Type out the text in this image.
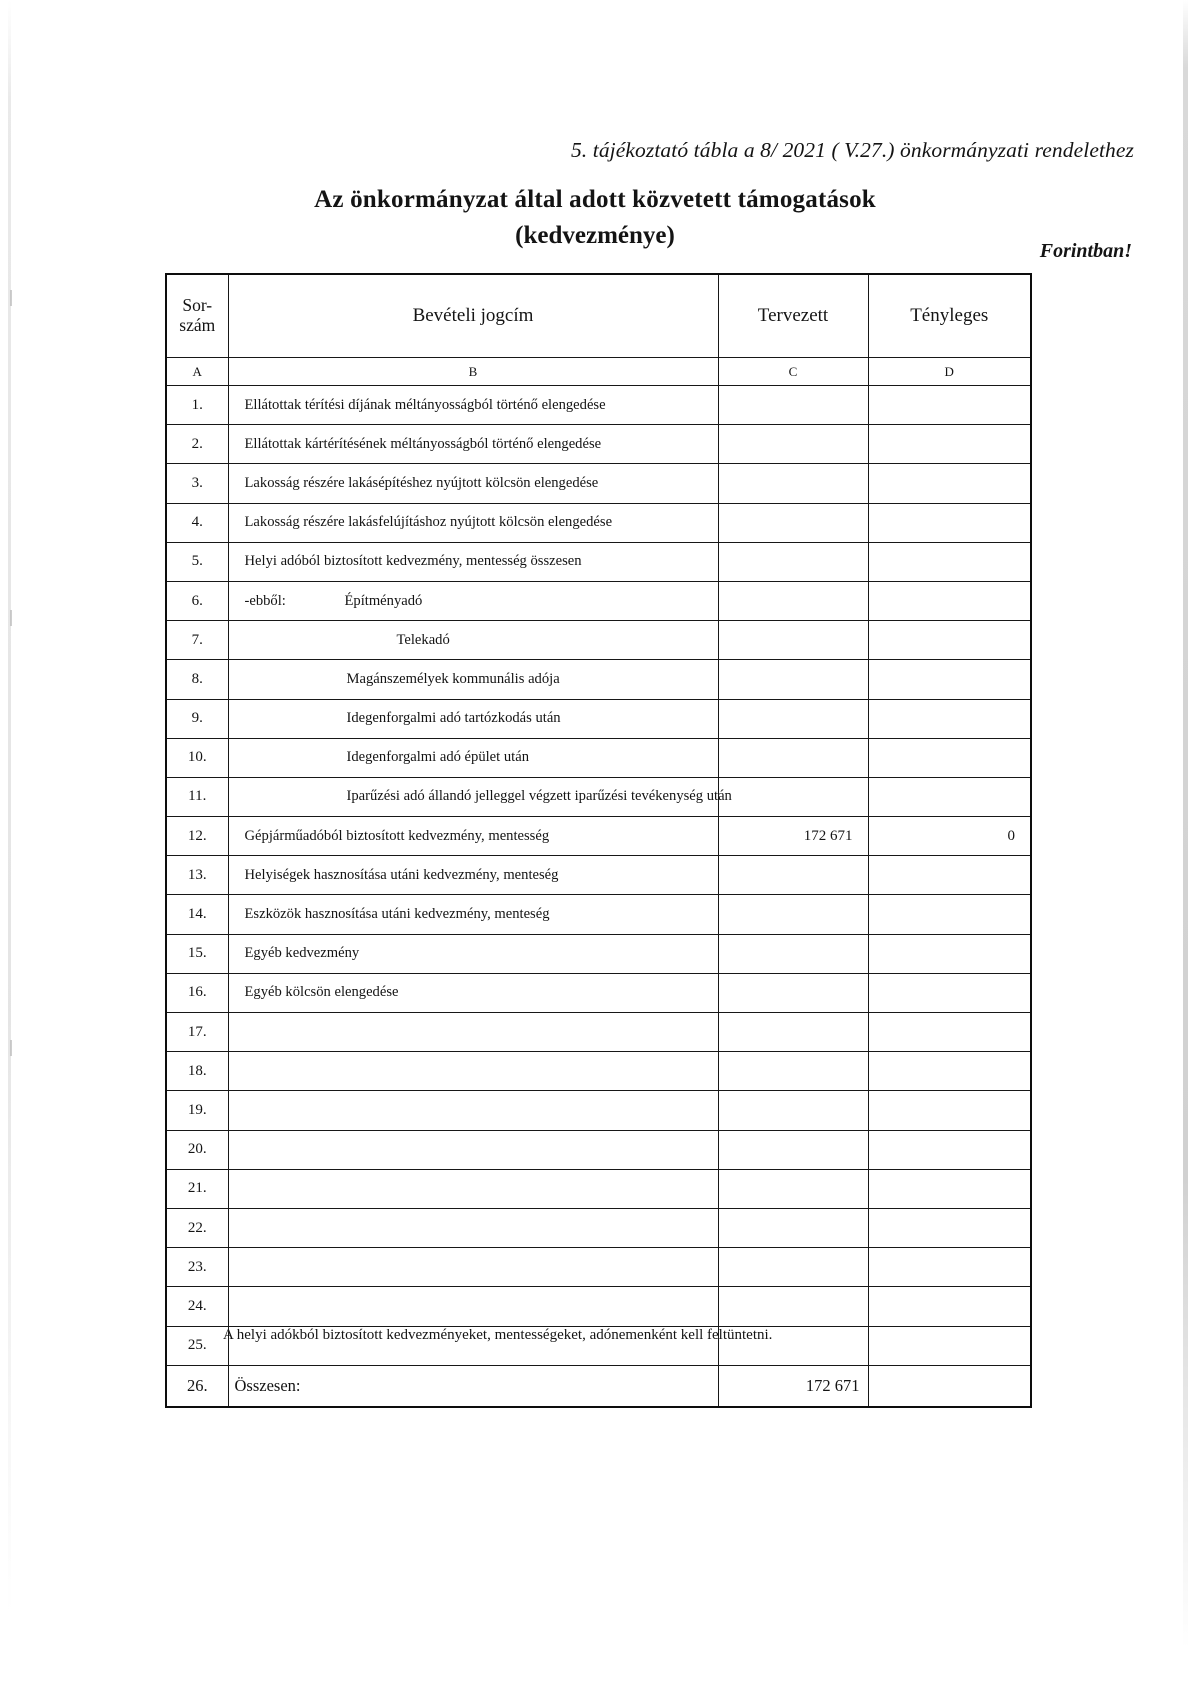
5. tájékoztató tábla a 8/ 2021 ( V.27.) önkormányzati rendelethez
Az önkormányzat által adott közvetett támogatások
(kedvezménye)
Forintban!
Sor-
szám	Bevételi jogcím	Tervezett	Tényleges
A	B	C	D
1.	Ellátottak térítési díjának méltányosságból történő elengedése		
2.	Ellátottak kártérítésének méltányosságból történő elengedése		
3.	Lakosság részére lakásépítéshez nyújtott kölcsön elengedése		
4.	Lakosság részére lakásfelújításhoz nyújtott kölcsön elengedése		
5.	Helyi adóból biztosított kedvezmény, mentesség összesen		
6.	-ebből: Építményadó		
7.	Telekadó		
8.	Magánszemélyek kommunális adója		
9.	Idegenforgalmi adó tartózkodás után		
10.	Idegenforgalmi adó épület után		
11.	Iparűzési adó állandó jelleggel végzett iparűzési tevékenység után		
12.	Gépjárműadóból biztosított kedvezmény, mentesség	172 671	0
13.	Helyiségek hasznosítása utáni kedvezmény, menteség		
14.	Eszközök hasznosítása utáni kedvezmény, menteség		
15.	Egyéb kedvezmény		
16.	Egyéb kölcsön elengedése		
17.			
18.			
19.			
20.			
21.			
22.			
23.			
24.			
25.			
26.	Összesen:	172 671	
A helyi adókból biztosított kedvezményeket, mentességeket, adónemenként kell feltüntetni.
